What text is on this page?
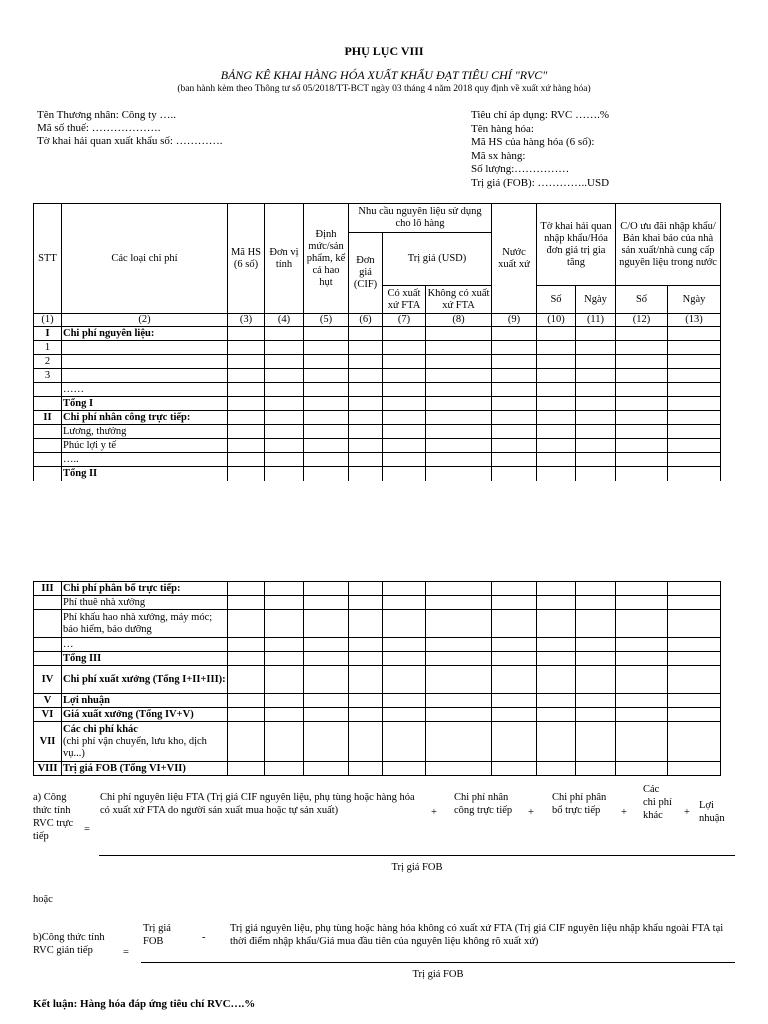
PHỤ LỤC VIII
BẢNG KÊ KHAI HÀNG HÓA XUẤT KHẨU ĐẠT TIÊU CHÍ "RVC"
(ban hành kèm theo Thông tư số 05/2018/TT-BCT ngày 03 tháng 4 năm 2018 quy định về xuất xứ hàng hóa)
Tên Thương nhân: Công ty …..
Mã số thuế: ……………….
Tờ khai hải quan xuất khẩu số: ………….
Tiêu chí áp dụng: RVC …….%
Tên hàng hóa:
Mã HS của hàng hóa (6 số):
Mã sx hàng:
Số lượng:……………
Trị giá (FOB): …………..USD
STT	Các loại chi phí	Mã HS (6 số)	Đơn vị tính	Định mức/sản phẩm, kể cả hao hụt	Nhu cầu nguyên liệu sử dụng cho lô hàng			Nước xuất xứ	Tờ khai hải quan nhập khẩu/Hóa đơn giá trị gia tăng		C/O ưu đãi nhập khẩu/ Bản khai báo của nhà sản xuất/nhà cung cấp nguyên liệu trong nước	
					Đơn giá (CIF)	Trị giá (USD)						
						Có xuất xứ FTA	Không có xuất xứ FTA		Số	Ngày	Số	Ngày
(1)	(2)	(3)	(4)	(5)	(6)	(7)	(8)	(9)	(10)	(11)	(12)	(13)
I	Chi phí nguyên liệu:											
1												
2												
3												
	……											
	Tổng I											
II	Chi phí nhân công trực tiếp:											
	Lương, thưởng											
	Phúc lợi y tế											
	…..											
	Tổng II											
III	Chi phí phân bổ trực tiếp:											
	Phí thuê nhà xưởng											
	Phí khấu hao nhà xưởng, máy móc; bảo hiểm, bảo dưỡng											
	…											
	Tổng III											
IV	Chi phí xuất xưởng (Tổng I+II+III):											
V	Lợi nhuận											
VI	Giá xuất xưởng (Tổng IV+V)											
VII	Các chi phí khác
(chi phí vận chuyển, lưu kho, dịch vụ...)											

VIII	Trị giá FOB (Tổng VI+VII)											
a) Công thức tính RVC trực tiếp
=
Chi phí nguyên liệu FTA (Trị giá CIF nguyên liệu, phụ tùng hoặc hàng hóa có xuất xứ FTA do người sản xuất mua hoặc tự sản xuất)	+
Chi phí nhân công trực tiếp +
Chi phí phân bổ trực tiếp	+
Các chi phí khác	+
Lợi nhuận
Trị giá FOB
hoặc
b)Công thức tính RVC gián tiếp	=
Trị giá FOB	-
Trị giá nguyên liệu, phụ tùng hoặc hàng hóa không có xuất xứ FTA (Trị giá CIF nguyên liệu nhập khẩu ngoài FTA tại thời điểm nhập khẩu/Giá mua đầu tiên của nguyên liệu không rõ xuất xứ)
Trị giá FOB
Kết luận: Hàng hóa đáp ứng tiêu chí RVC….%
